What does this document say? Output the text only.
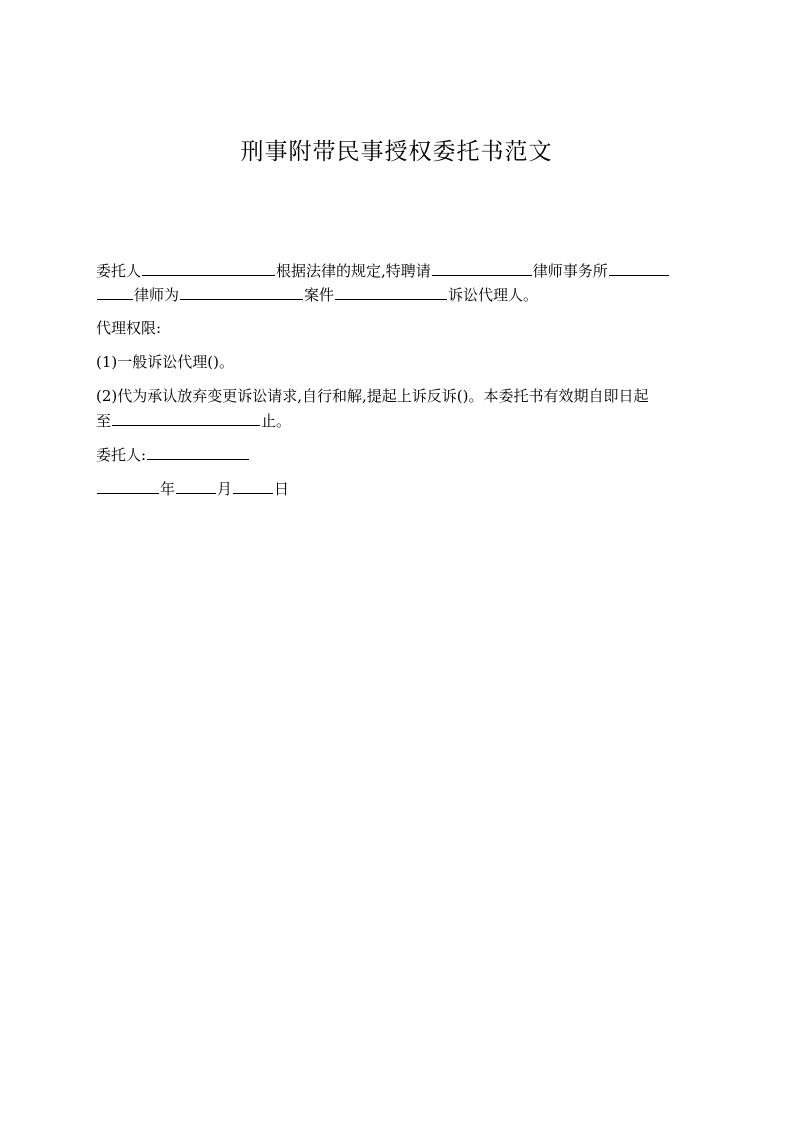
刑事附带民事授权委托书范文
委托人	根据法律的规定,特聘请	律师事务所
律师为	案件	诉讼代理人。
代理权限:
(1)一般诉讼代理()。
(2)代为承认放弃变更诉讼请求,自行和解,提起上诉反诉()。本委托书有效期自即日起
至	止。
委托人:
年	月	日
